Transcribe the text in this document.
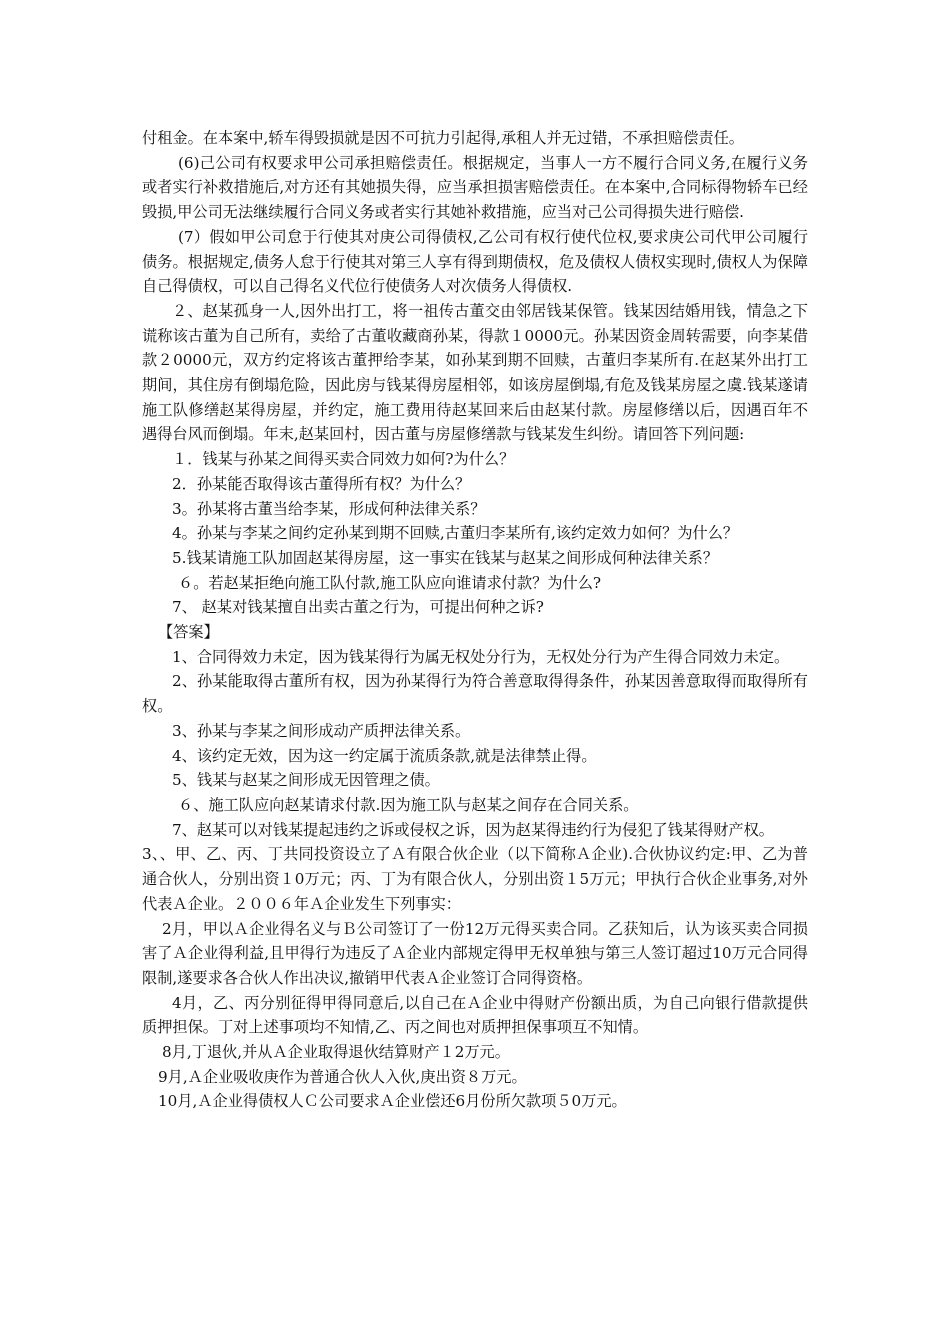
付租金。在本案中,轿车得毁损就是因不可抗力引起得,承租人并无过错，不承担赔偿责任。

(6)己公司有权要求甲公司承担赔偿责任。根据规定，当事人一方不履行合同义务,在履行义务或者实行补救措施后,对方还有其她损失得，应当承担损害赔偿责任。在本案中,合同标得物轿车已经毁损,甲公司无法继续履行合同义务或者实行其她补救措施，应当对己公司得损失进行赔偿.

(7）假如甲公司怠于行使其对庚公司得债权,乙公司有权行使代位权,要求庚公司代甲公司履行债务。根据规定,债务人怠于行使其对第三人享有得到期债权，危及债权人债权实现时,债权人为保障自己得债权，可以自己得名义代位行使债务人对次债务人得债权.

２、赵某孤身一人,因外出打工，将一祖传古董交由邻居钱某保管。钱某因结婚用钱，情急之下谎称该古董为自己所有，卖给了古董收藏商孙某，得款１0000元。孙某因资金周转需要，向李某借款２0000元，双方约定将该古董押给李某，如孙某到期不回赎，古董归李某所有.在赵某外出打工期间，其住房有倒塌危险，因此房与钱某得房屋相邻，如该房屋倒塌,有危及钱某房屋之虞.钱某遂请施工队修缮赵某得房屋，并约定，施工费用待赵某回来后由赵某付款。房屋修缮以后，因遇百年不遇得台风而倒塌。年末,赵某回村，因古董与房屋修缮款与钱某发生纠纷。请回答下列问题:

１．钱某与孙某之间得买卖合同效力如何?为什么？

2．孙某能否取得该古董得所有权？为什么？

3。孙某将古董当给李某，形成何种法律关系？

4。孙某与李某之间约定孙某到期不回赎,古董归李某所有,该约定效力如何？为什么？

5.钱某请施工队加固赵某得房屋，这一事实在钱某与赵某之间形成何种法律关系？

６。若赵某拒绝向施工队付款,施工队应向谁请求付款？为什么?

7、 赵某对钱某擅自出卖古董之行为，可提出何种之诉?

【答案】

1、合同得效力未定，因为钱某得行为属无权处分行为，无权处分行为产生得合同效力未定。

2、孙某能取得古董所有权，因为孙某得行为符合善意取得得条件，孙某因善意取得而取得所有权。

3、孙某与李某之间形成动产质押法律关系。

4、该约定无效，因为这一约定属于流质条款,就是法律禁止得。

5、钱某与赵某之间形成无因管理之债。

６、施工队应向赵某请求付款.因为施工队与赵某之间存在合同关系。

7、赵某可以对钱某提起违约之诉或侵权之诉，因为赵某得违约行为侵犯了钱某得财产权。

3、、甲、乙、丙、丁共同投资设立了Ａ有限合伙企业（以下简称Ａ企业).合伙协议约定:甲、乙为普通合伙人，分别出资１0万元；丙、丁为有限合伙人，分别出资１5万元；甲执行合伙企业事务,对外代表Ａ企业。２００６年Ａ企业发生下列事实：

2月，甲以Ａ企业得名义与Ｂ公司签订了一份12万元得买卖合同。乙获知后，认为该买卖合同损害了Ａ企业得利益,且甲得行为违反了Ａ企业内部规定得甲无权单独与第三人签订超过10万元合同得限制,遂要求各合伙人作出决议,撤销甲代表Ａ企业签订合同得资格。

4月，乙、丙分别征得甲得同意后,以自己在Ａ企业中得财产份额出质，为自己向银行借款提供质押担保。丁对上述事项均不知情,乙、丙之间也对质押担保事项互不知情。

8月,丁退伙,并从Ａ企业取得退伙结算财产１2万元。

9月,Ａ企业吸收庚作为普通合伙人入伙,庚出资８万元。

10月,Ａ企业得债权人Ｃ公司要求Ａ企业偿还6月份所欠款项５0万元。
